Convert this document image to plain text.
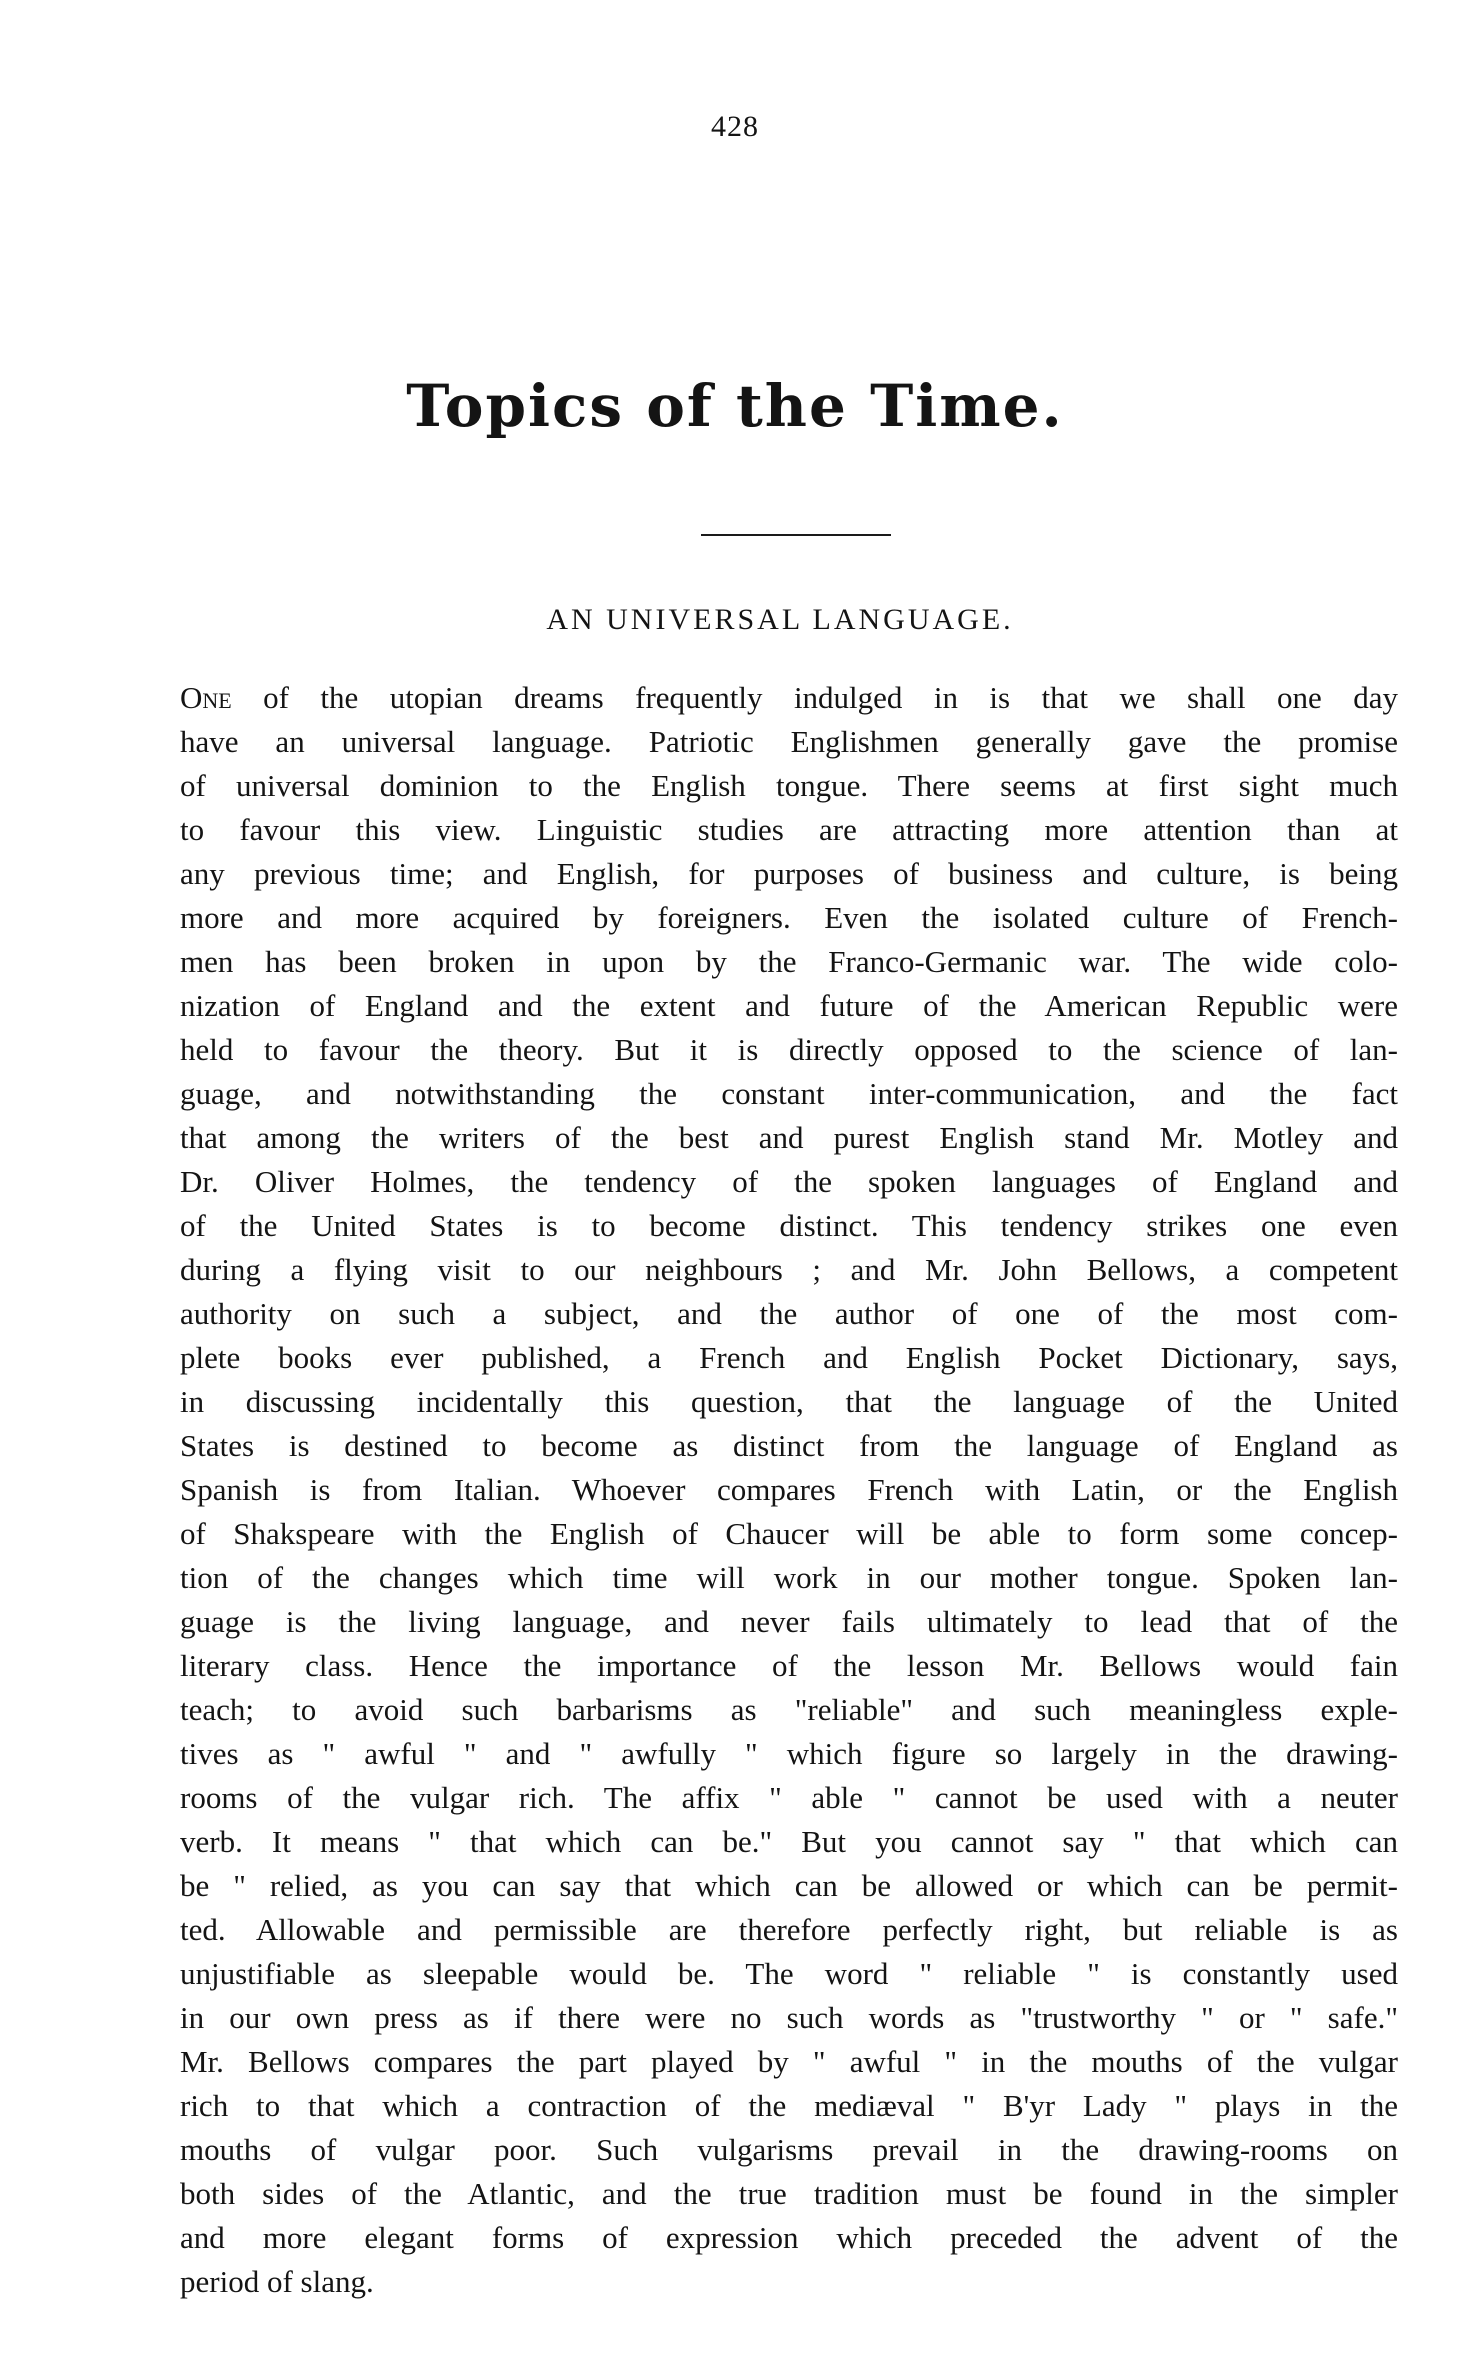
428
Topics of the Time.
AN UNIVERSAL LANGUAGE.
One of the utopian dreams frequently indulged in is that we shall one day
have an universal language. Patriotic Englishmen generally gave the promise
of universal dominion to the English tongue. There seems at first sight much
to favour this view. Linguistic studies are attracting more attention than at
any previous time; and English, for purposes of business and culture, is being
more and more acquired by foreigners. Even the isolated culture of French-
men has been broken in upon by the Franco-Germanic war. The wide colo-
nization of England and the extent and future of the American Republic were
held to favour the theory. But it is directly opposed to the science of lan-
guage, and notwithstanding the constant inter-communication, and the fact
that among the writers of the best and purest English stand Mr. Motley and
Dr. Oliver Holmes, the tendency of the spoken languages of England and
of the United States is to become distinct. This tendency strikes one even
during a flying visit to our neighbours ; and Mr. John Bellows, a competent
authority on such a subject, and the author of one of the most com-
plete books ever published, a French and English Pocket Dictionary, says,
in discussing incidentally this question, that the language of the United
States is destined to become as distinct from the language of England as
Spanish is from Italian. Whoever compares French with Latin, or the English
of Shakspeare with the English of Chaucer will be able to form some concep-
tion of the changes which time will work in our mother tongue. Spoken lan-
guage is the living language, and never fails ultimately to lead that of the
literary class. Hence the importance of the lesson Mr. Bellows would fain
teach; to avoid such barbarisms as "reliable" and such meaningless exple-
tives as " awful " and " awfully " which figure so largely in the drawing-
rooms of the vulgar rich. The affix " able " cannot be used with a neuter
verb. It means " that which can be." But you cannot say " that which can
be " relied, as you can say that which can be allowed or which can be permit-
ted. Allowable and permissible are therefore perfectly right, but reliable is as
unjustifiable as sleepable would be. The word " reliable " is constantly used
in our own press as if there were no such words as "trustworthy " or " safe."
Mr. Bellows compares the part played by " awful " in the mouths of the vulgar
rich to that which a contraction of the mediæval " B'yr Lady " plays in the
mouths of vulgar poor. Such vulgarisms prevail in the drawing-rooms on
both sides of the Atlantic, and the true tradition must be found in the simpler
and more elegant forms of expression which preceded the advent of the
period of slang.
